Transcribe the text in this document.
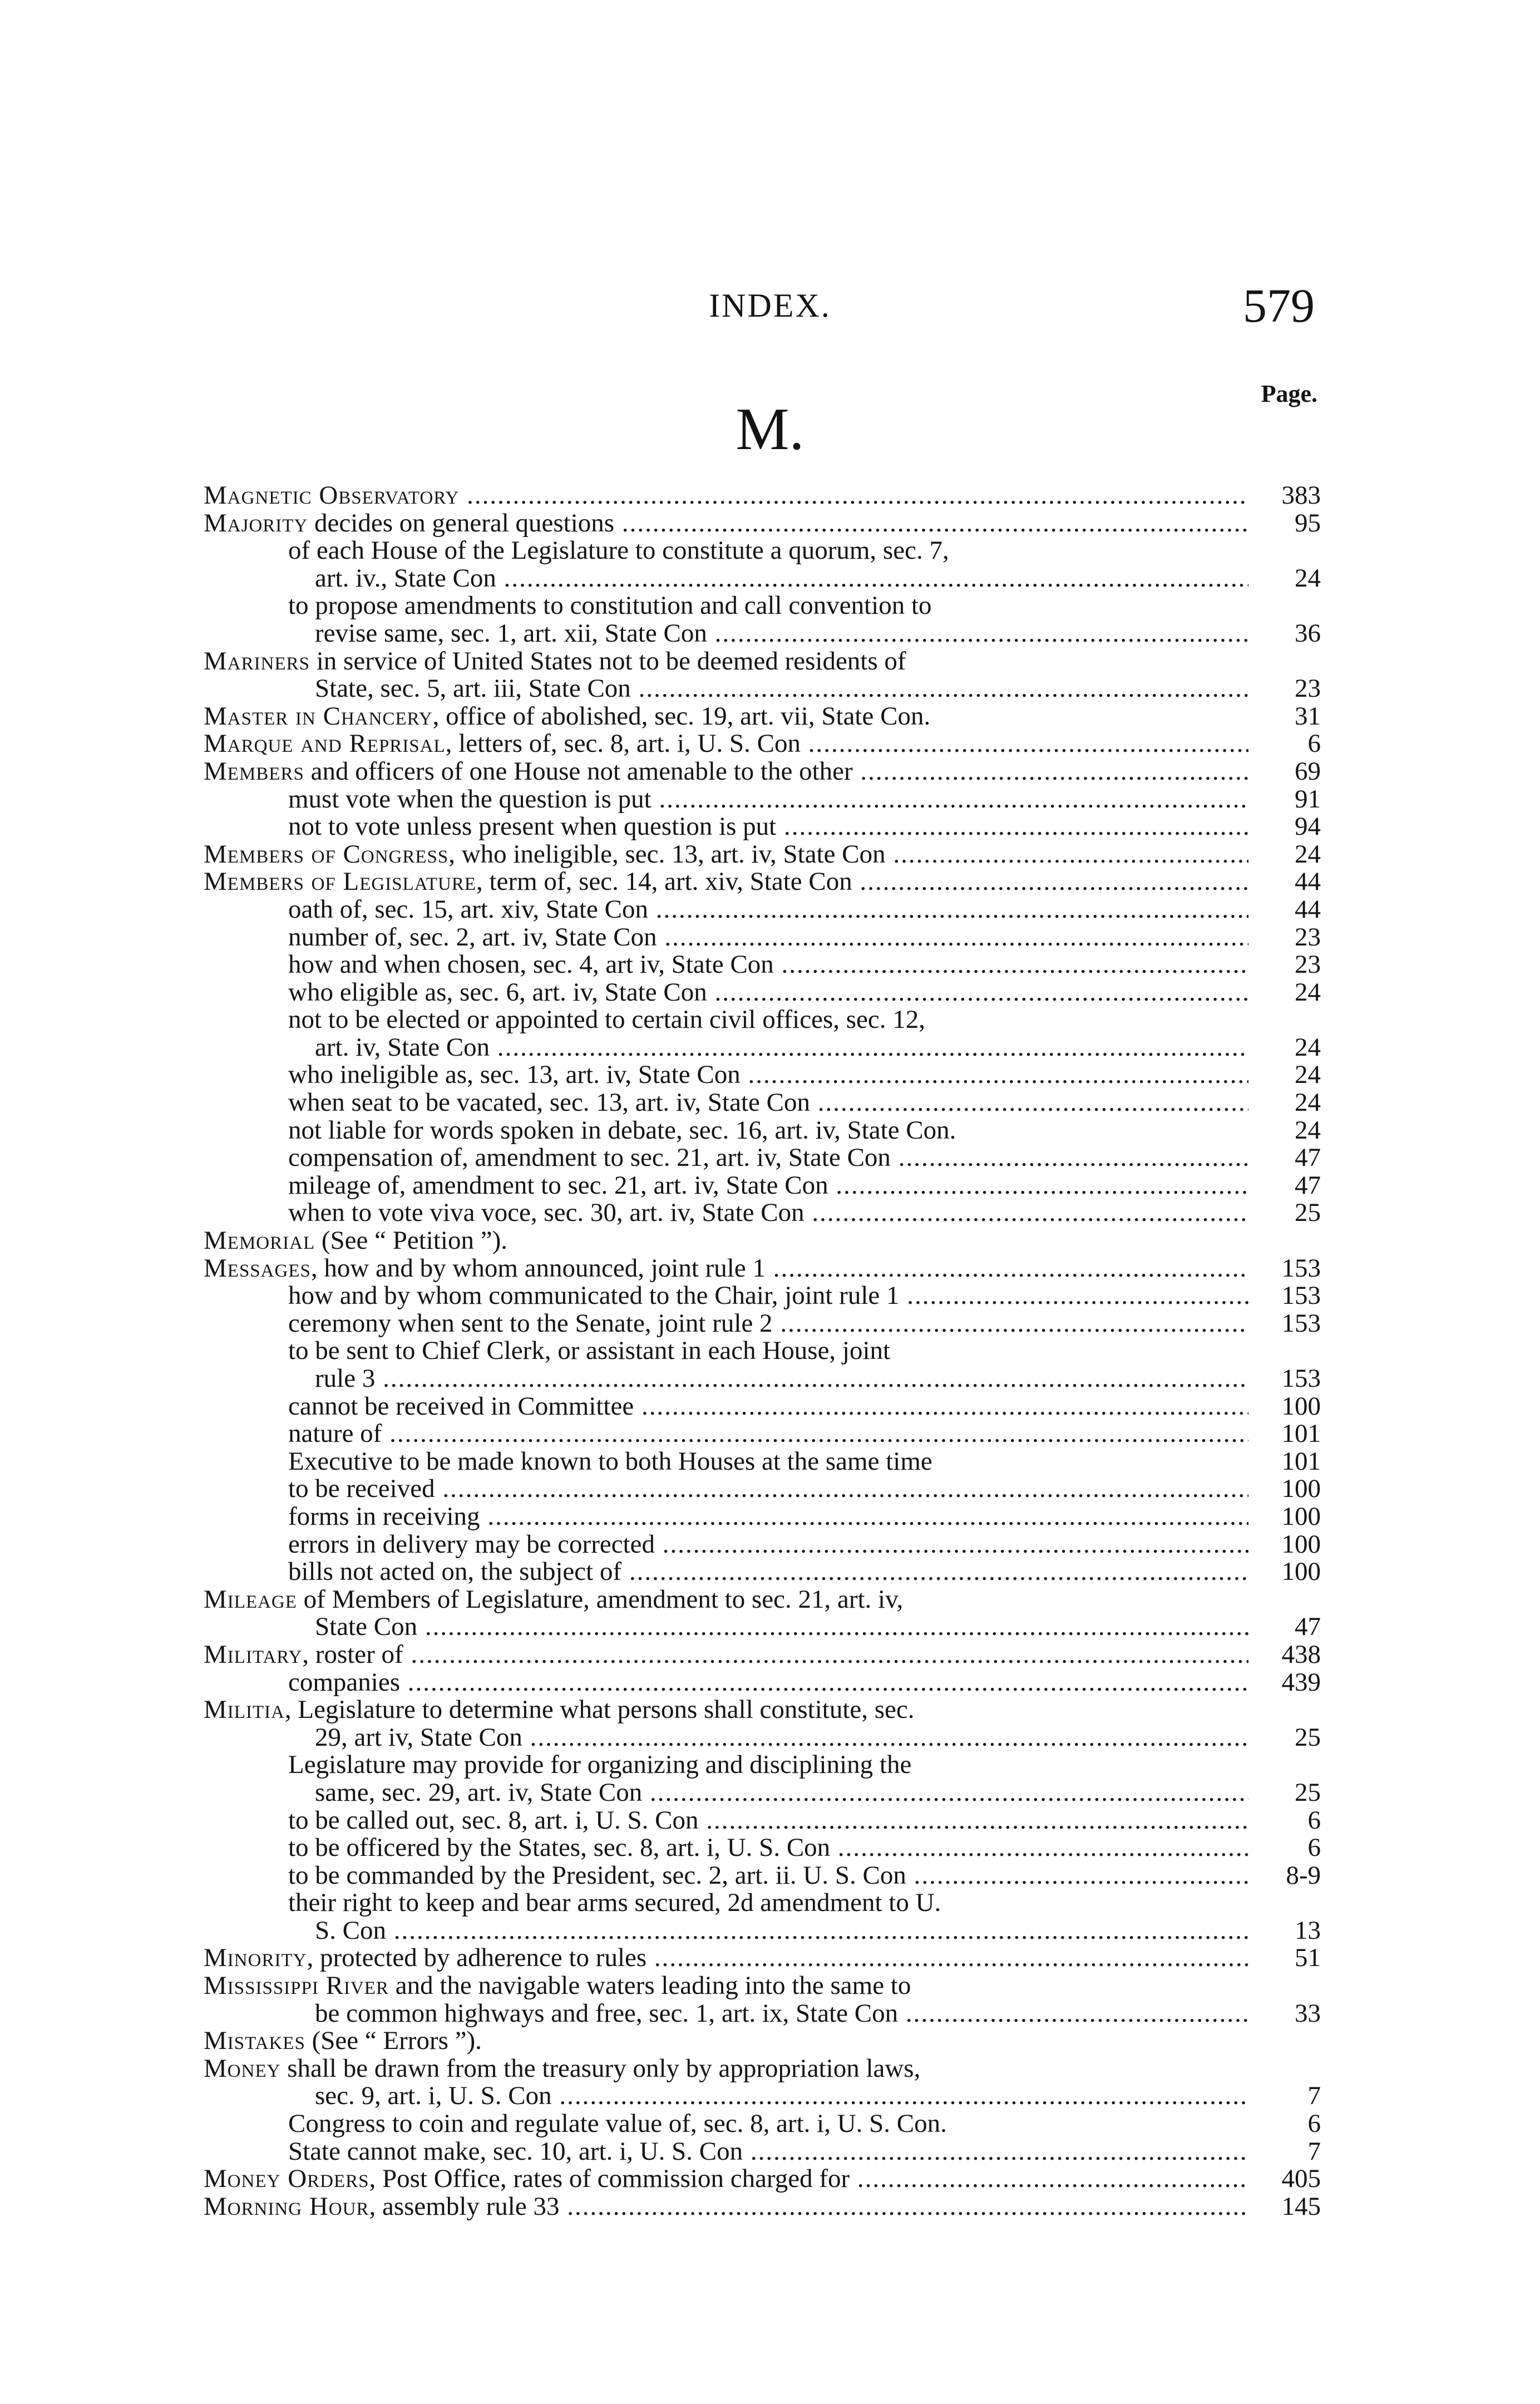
INDEX.	579
Page.
M.
Magnetic Observatory .....	383
Majority decides on general questions .....	95
of each House of the Legislature to constitute a quorum, sec. 7,
art. iv., State Con .....	24
to propose amendments to constitution and call convention to
revise same, sec. 1, art. xii, State Con .....	36
Mariners in service of United States not to be deemed residents of
State, sec. 5, art. iii, State Con .....	23
Master in Chancery, office of abolished, sec. 19, art. vii, State Con.	31
Marque and Reprisal, letters of, sec. 8, art. i, U. S. Con .....	6
Members and officers of one House not amenable to the other .....	69
must vote when the question is put .....	91
not to vote unless present when question is put .....	94
Members of Congress, who ineligible, sec. 13, art. iv, State Con .....	24
Members of Legislature, term of, sec. 14, art. xiv, State Con .....	44
oath of, sec. 15, art. xiv, State Con .....	44
number of, sec. 2, art. iv, State Con .....	23
how and when chosen, sec. 4, art iv, State Con .....	23
who eligible as, sec. 6, art. iv, State Con .....	24
not to be elected or appointed to certain civil offices, sec. 12,
art. iv, State Con .....	24
who ineligible as, sec. 13, art. iv, State Con .....	24
when seat to be vacated, sec. 13, art. iv, State Con .....	24
not liable for words spoken in debate, sec. 16, art. iv, State Con.	24
compensation of, amendment to sec. 21, art. iv, State Con .....	47
mileage of, amendment to sec. 21, art. iv, State Con .....	47
when to vote viva voce, sec. 30, art. iv, State Con .....	25
Memorial (See “ Petition ”).
Messages, how and by whom announced, joint rule 1 .....	153
how and by whom communicated to the Chair, joint rule 1 .....	153
ceremony when sent to the Senate, joint rule 2 .....	153
to be sent to Chief Clerk, or assistant in each House, joint
rule 3 .....	153
cannot be received in Committee .....	100
nature of .....	101
Executive to be made known to both Houses at the same time	101
to be received .....	100
forms in receiving .....	100
errors in delivery may be corrected .....	100
bills not acted on, the subject of .....	100
Mileage of Members of Legislature, amendment to sec. 21, art. iv,
State Con .....	47
Military, roster of .....	438
companies .....	439
Militia, Legislature to determine what persons shall constitute, sec.
29, art iv, State Con .....	25
Legislature may provide for organizing and disciplining the
same, sec. 29, art. iv, State Con .....	25
to be called out, sec. 8, art. i, U. S. Con .....	6
to be officered by the States, sec. 8, art. i, U. S. Con .....	6
to be commanded by the President, sec. 2, art. ii. U. S. Con .....	8-9
their right to keep and bear arms secured, 2d amendment to U.
S. Con .....	13
Minority, protected by adherence to rules .....	51
Mississippi River and the navigable waters leading into the same to
be common highways and free, sec. 1, art. ix, State Con .....	33
Mistakes (See “ Errors ”).
Money shall be drawn from the treasury only by appropriation laws,
sec. 9, art. i, U. S. Con .....	7
Congress to coin and regulate value of, sec. 8, art. i, U. S. Con.	6
State cannot make, sec. 10, art. i, U. S. Con .....	7
Money Orders, Post Office, rates of commission charged for .....	405
Morning Hour, assembly rule 33 .....	145
